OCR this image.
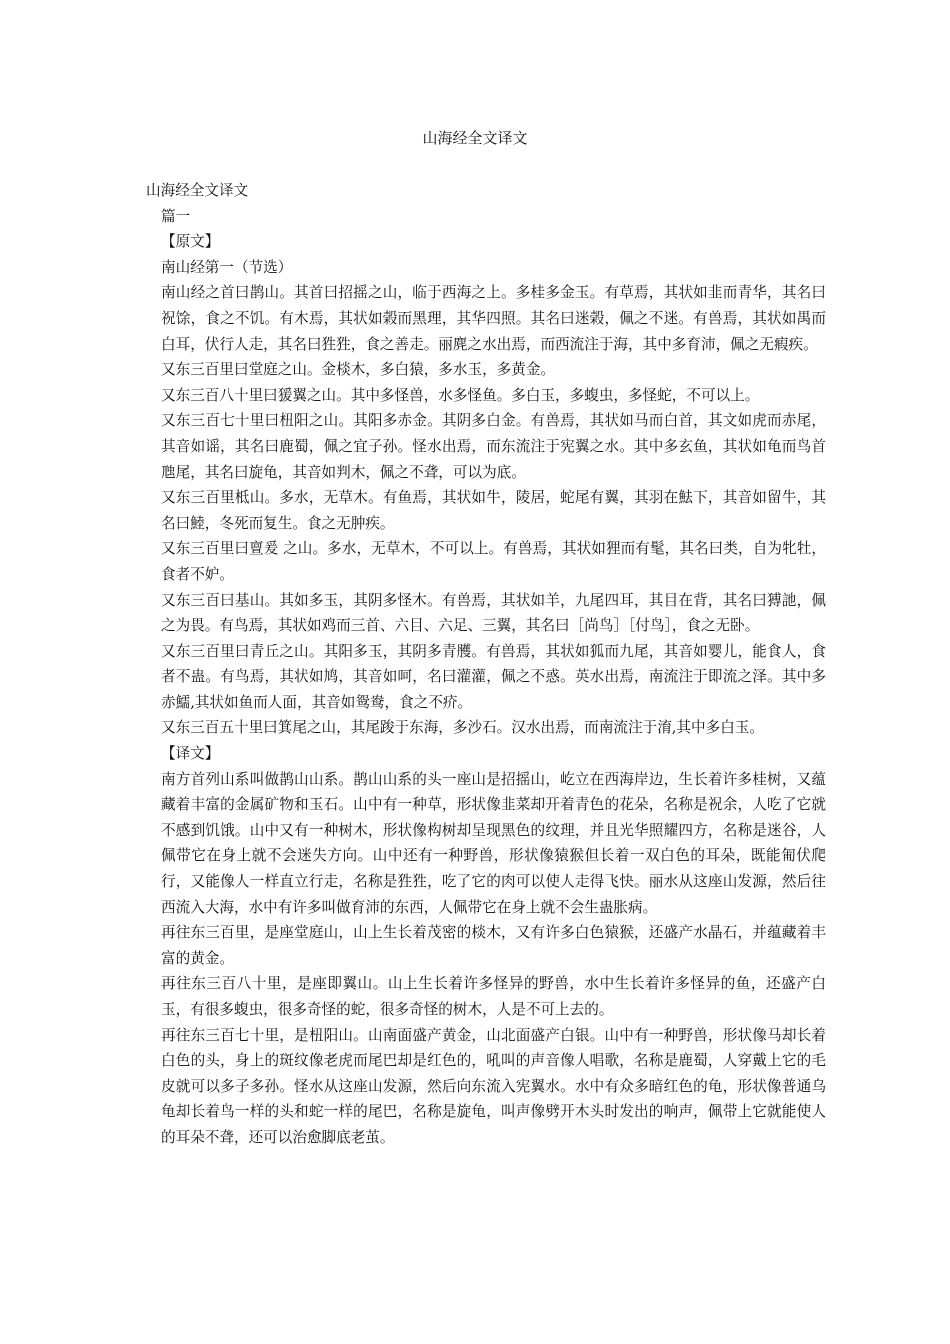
山海经全文译文

山海经全文译文

篇一

【原文】

南山经第一（节选）

南山经之首曰鹊山。其首曰招摇之山，临于西海之上。多桂多金玉。有草焉，其状如韭而青华，其名曰祝馀，食之不饥。有木焉，其状如榖而黑理，其华四照。其名曰迷榖，佩之不迷。有兽焉，其状如禺而白耳，伏行人走，其名曰狌狌，食之善走。丽麂之水出焉，而西流注于海，其中多育沛，佩之无瘕疾。

又东三百里曰堂庭之山。金棪木，多白猿，多水玉，多黄金。

又东三百八十里曰猨翼之山。其中多怪兽，水多怪鱼。多白玉，多蝮虫，多怪蛇，不可以上。

又东三百七十里曰杻阳之山。其阳多赤金。其阴多白金。有兽焉，其状如马而白首，其文如虎而赤尾，其音如谣，其名曰鹿蜀，佩之宜子孙。怪水出焉，而东流注于宪翼之水。其中多玄鱼，其状如龟而鸟首虺尾，其名曰旋龟，其音如判木，佩之不聋，可以为底。

又东三百里柢山。多水，无草木。有鱼焉，其状如牛，陵居，蛇尾有翼，其羽在魼下，其音如留牛，其名曰鯥，冬死而复生。食之无肿疾。

又东三百里曰亶爰 之山。多水，无草木，不可以上。有兽焉，其状如狸而有髦，其名曰类，自为牝牡，食者不妒。

又东三百曰基山。其如多玉，其阴多怪木。有兽焉，其状如羊，九尾四耳，其目在背，其名曰猼訑，佩之为畏。有鸟焉，其状如鸡而三首、六目、六足、三翼，其名曰［尚鸟］［付鸟］，食之无卧。

又东三百里曰青丘之山。其阳多玉，其阴多青雘。有兽焉，其状如狐而九尾，其音如婴儿，能食人，食者不蛊。有鸟焉，其状如鸠，其音如呵，名曰灌灌，佩之不惑。英水出焉，南流注于即流之泽。其中多赤鱬,其状如鱼而人面，其音如鸳鸯，食之不疥。

又东三百五十里曰箕尾之山，其尾踆于东海，多沙石。汉水出焉，而南流注于淯,其中多白玉。

【译文】

南方首列山系叫做鹊山山系。鹊山山系的头一座山是招摇山，屹立在西海岸边，生长着许多桂树，又蕴藏着丰富的金属矿物和玉石。山中有一种草，形状像韭菜却开着青色的花朵，名称是祝余，人吃了它就不感到饥饿。山中又有一种树木，形状像构树却呈现黑色的纹理，并且光华照耀四方，名称是迷谷，人佩带它在身上就不会迷失方向。山中还有一种野兽，形状像猿猴但长着一双白色的耳朵，既能匍伏爬行，又能像人一样直立行走，名称是狌狌，吃了它的肉可以使人走得飞快。丽水从这座山发源，然后往西流入大海，水中有许多叫做育沛的东西，人佩带它在身上就不会生蛊胀病。

再往东三百里，是座堂庭山，山上生长着茂密的棪木，又有许多白色猿猴，还盛产水晶石，并蕴藏着丰富的黄金。

再往东三百八十里，是座即翼山。山上生长着许多怪异的野兽，水中生长着许多怪异的鱼，还盛产白玉，有很多蝮虫，很多奇怪的蛇，很多奇怪的树木，人是不可上去的。

再往东三百七十里，是杻阳山。山南面盛产黄金，山北面盛产白银。山中有一种野兽，形状像马却长着白色的头，身上的斑纹像老虎而尾巴却是红色的，吼叫的声音像人唱歌，名称是鹿蜀，人穿戴上它的毛皮就可以多子多孙。怪水从这座山发源，然后向东流入宪翼水。水中有众多暗红色的龟，形状像普通乌龟却长着鸟一样的头和蛇一样的尾巴，名称是旋龟，叫声像劈开木头时发出的响声，佩带上它就能使人的耳朵不聋，还可以治愈脚底老茧。
